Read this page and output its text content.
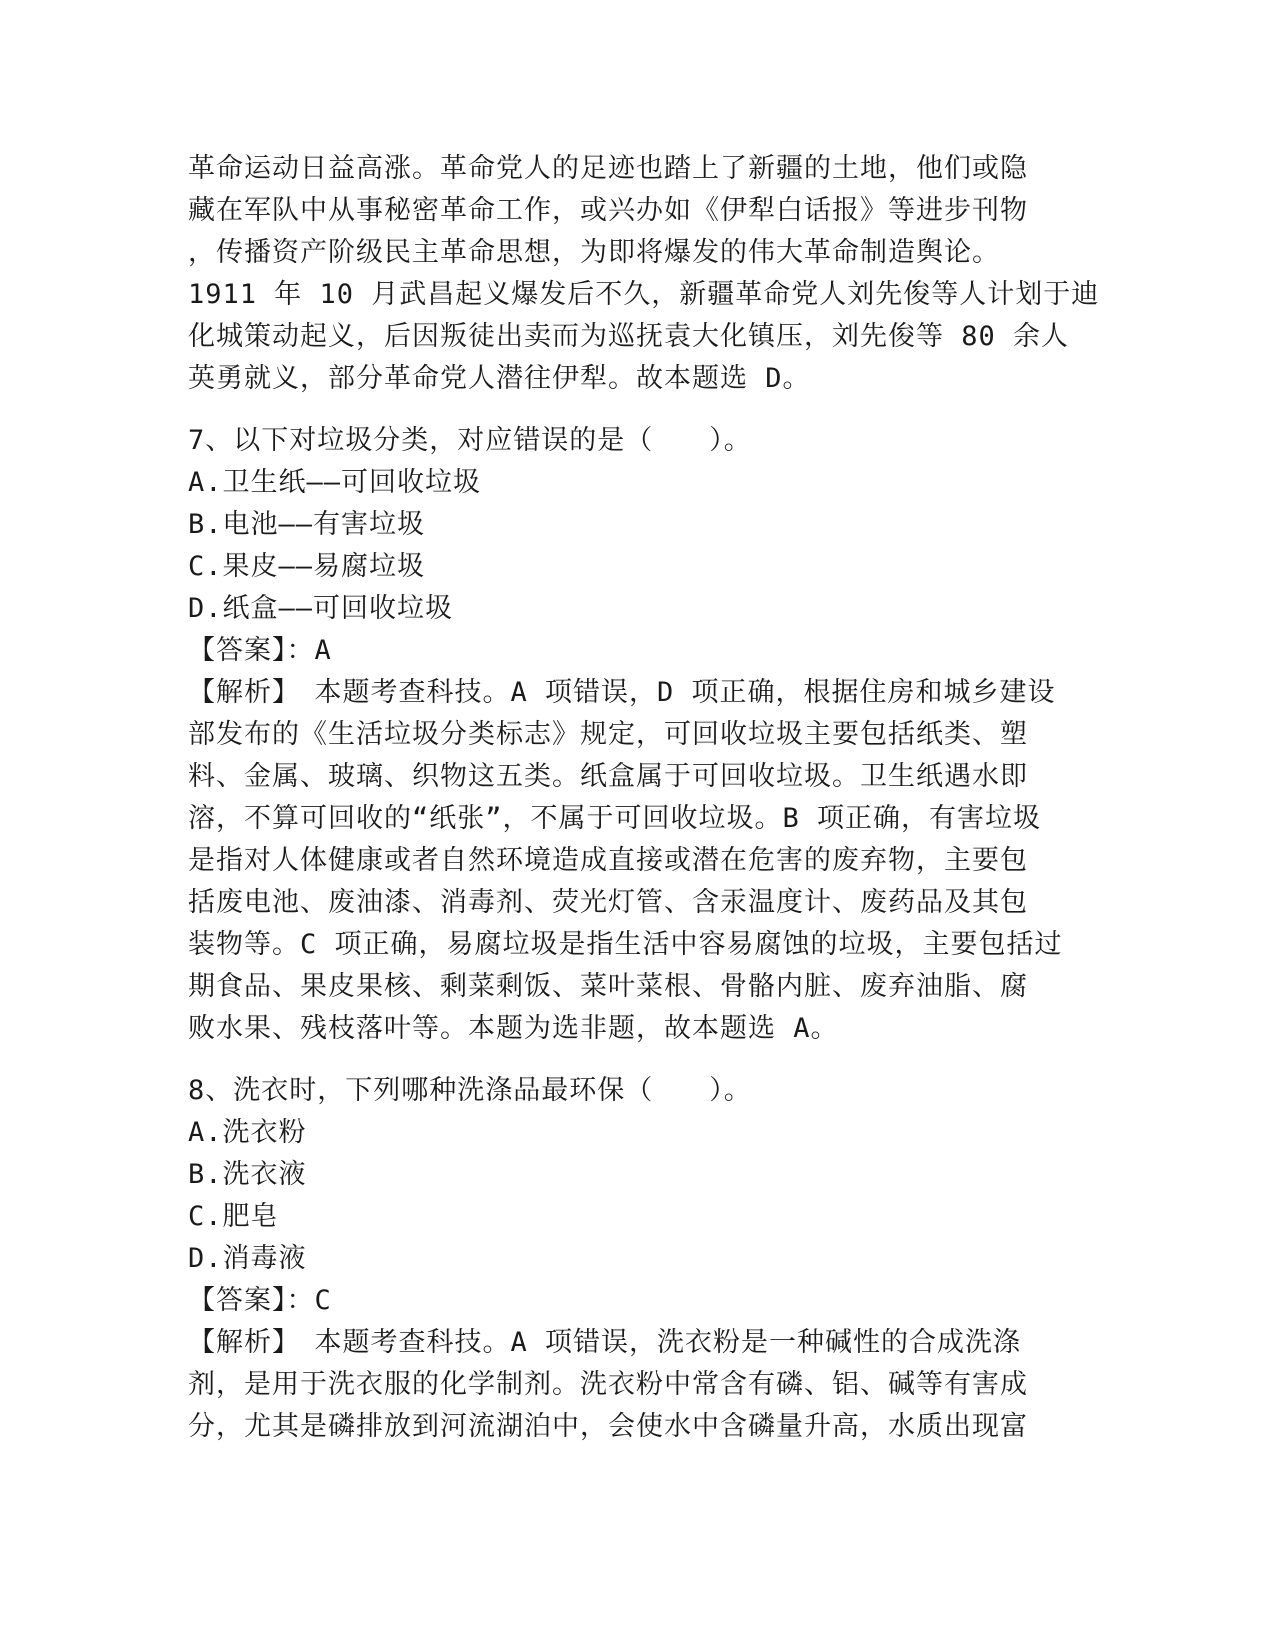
革命运动日益高涨。革命党人的足迹也踏上了新疆的土地，他们或隐
藏在军队中从事秘密革命工作，或兴办如《伊犁白话报》等进步刊物
，传播资产阶级民主革命思想，为即将爆发的伟大革命制造舆论。
1911 年 10 月武昌起义爆发后不久，新疆革命党人刘先俊等人计划于迪
化城策动起义，后因叛徒出卖而为巡抚袁大化镇压，刘先俊等 80 余人
英勇就义，部分革命党人潜往伊犁。故本题选 D。
7、以下对垃圾分类，对应错误的是（　　）。
A.卫生纸——可回收垃圾
B.电池——有害垃圾
C.果皮——易腐垃圾
D.纸盒——可回收垃圾
【答案】：A
【解析】　本题考查科技。A 项错误，D 项正确，根据住房和城乡建设
部发布的《生活垃圾分类标志》规定，可回收垃圾主要包括纸类、塑
料、金属、玻璃、织物这五类。纸盒属于可回收垃圾。卫生纸遇水即
溶，不算可回收的“纸张”，不属于可回收垃圾。B 项正确，有害垃圾
是指对人体健康或者自然环境造成直接或潜在危害的废弃物，主要包
括废电池、废油漆、消毒剂、荧光灯管、含汞温度计、废药品及其包
装物等。C 项正确，易腐垃圾是指生活中容易腐蚀的垃圾，主要包括过
期食品、果皮果核、剩菜剩饭、菜叶菜根、骨骼内脏、废弃油脂、腐
败水果、残枝落叶等。本题为选非题，故本题选 A。
8、洗衣时，下列哪种洗涤品最环保（　　）。
A.洗衣粉
B.洗衣液
C.肥皂
D.消毒液
【答案】：C
【解析】　本题考查科技。A 项错误，洗衣粉是一种碱性的合成洗涤
剂，是用于洗衣服的化学制剂。洗衣粉中常含有磷、铝、碱等有害成
分，尤其是磷排放到河流湖泊中，会使水中含磷量升高，水质出现富
